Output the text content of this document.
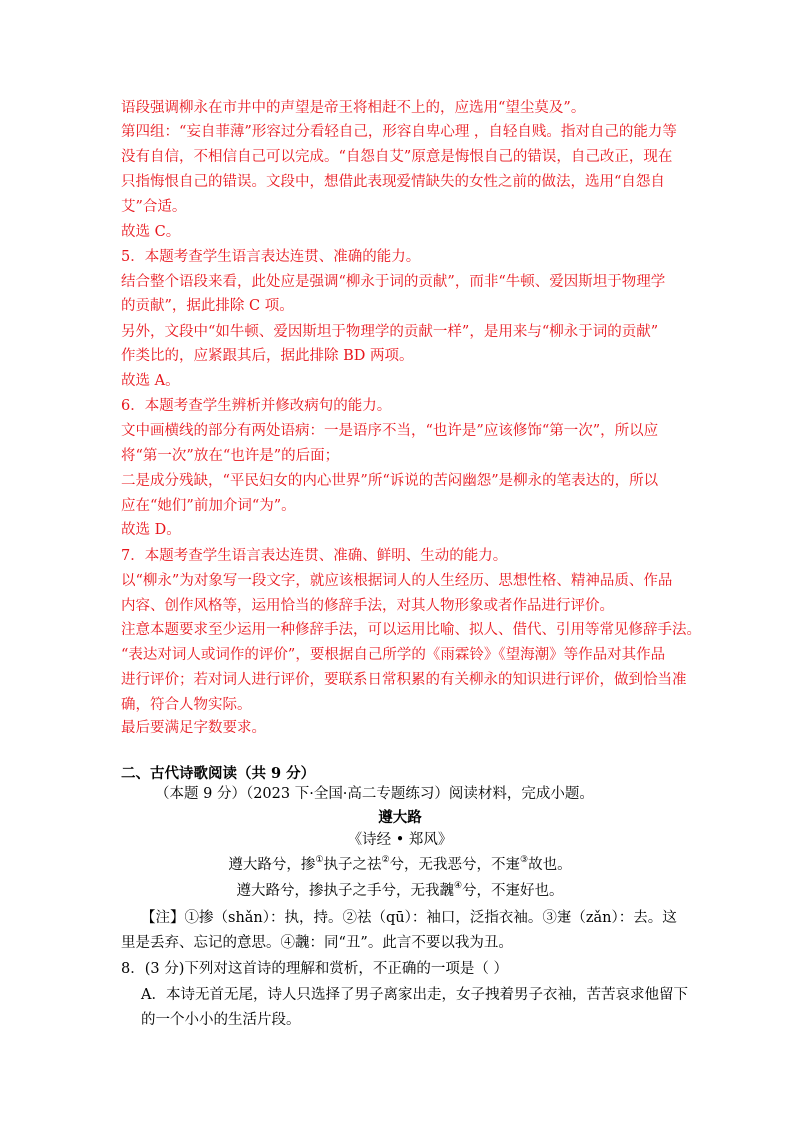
语段强调柳永在市井中的声望是帝王将相赶不上的，应选用“望尘莫及”。
第四组：“妄自菲薄”形容过分看轻自己，形容自卑心理 ，自轻自贱。指对自己的能力等
没有自信，不相信自己可以完成。“自怨自艾”原意是悔恨自己的错误，自己改正，现在
只指悔恨自己的错误。文段中，想借此表现爱情缺失的女性之前的做法，选用“自怨自
艾”合适。
故选 C。
5．本题考查学生语言表达连贯、准确的能力。
结合整个语段来看，此处应是强调“柳永于词的贡献”，而非“牛顿、爱因斯坦于物理学
的贡献”，据此排除 C 项。
另外，文段中“如牛顿、爱因斯坦于物理学的贡献一样”，是用来与“柳永于词的贡献”
作类比的，应紧跟其后，据此排除 BD 两项。
故选 A。
6．本题考查学生辨析并修改病句的能力。
文中画横线的部分有两处语病：一是语序不当，“也许是”应该修饰“第一次”，所以应
将“第一次”放在“也许是”的后面；
二是成分残缺，“平民妇女的内心世界”所“诉说的苦闷幽怨”是柳永的笔表达的，所以
应在“她们”前加介词“为”。
故选 D。
7．本题考查学生语言表达连贯、准确、鲜明、生动的能力。
以“柳永”为对象写一段文字，就应该根据词人的人生经历、思想性格、精神品质、作品
内容、创作风格等，运用恰当的修辞手法，对其人物形象或者作品进行评价。
注意本题要求至少运用一种修辞手法，可以运用比喻、拟人、借代、引用等常见修辞手法。
“表达对词人或词作的评价”，要根据自己所学的《雨霖铃》《望海潮》等作品对其作品
进行评价；若对词人进行评价，要联系日常积累的有关柳永的知识进行评价，做到恰当准
确，符合人物实际。
最后要满足字数要求。
二、古代诗歌阅读（共 9 分）
（本题 9 分）（2023 下·全国·高二专题练习）阅读材料，完成小题。
遵大路
《诗经 • 郑风》
遵大路兮，掺①执子之祛②兮，无我恶兮，不寁③故也。
遵大路兮，掺执子之手兮，无我魗④兮，不寁好也。
【注】①掺（shǎn）：执，持。②祛（qū）：袖口，泛指衣袖。③寁（zǎn）：去。这
里是丢弃、忘记的意思。④魗：同“丑”。此言不要以我为丑。
8．(3 分)下列对这首诗的理解和赏析，不正确的一项是（ ）
A．本诗无首无尾，诗人只选择了男子离家出走，女子拽着男子衣袖，苦苦哀求他留下
的一个小小的生活片段。
